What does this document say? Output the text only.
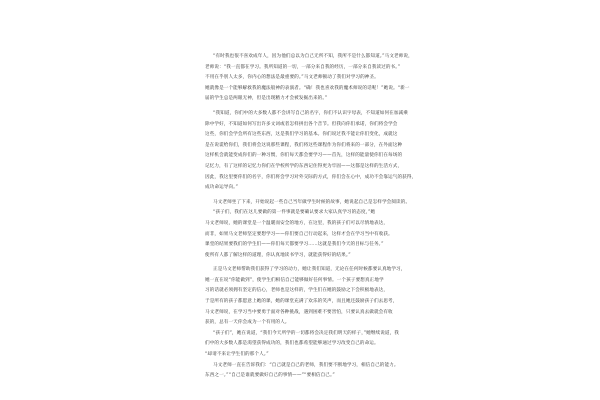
“有时我也很不喜欢成年人，因为他们总以为自己无所不知，我所不是什么都知道。”马文老师说，
老师说：“我一直都在学习。我所知道的一切，一部分来自我的经历，一部分来自我读过的书。”
不用在乎别人太多，你内心的想法是最重要的。”马文老师顿动了我们对学习的神圣。
她就像是一个能够解救我的魔法般神的表演者。“确！我也喜欢我的魔术师说的话呢！”她说。“新一
届的学生总是两眼无神，但是出现精力才会被发掘出来的。”
“我知道，你们中的大多数人都不会讲写自己的名字，你们不认识字母表，不知道如何在加减乘
除中学好，不知道如何写出许多文词或者怎样拼出各个音节。但我向你们承诺，你们将会学会
这些，你们会学会所有这些东西，这是我们学习的基本。你们说过我不能让你们变化，成就这
是在说谎给你们，我们将会这说那些课程，我们将这些课程作为你们将来的一部分，在外面这种
这样机会就能变成你们的一种习惯，你们每天都会要学习——首先，这样的能量使你们在每场的
记忆力，有了这样的记忆力你们在学校所学的东西记住得更为牢固——这都是这样的生活方式，
因此，我这里要你们的名字，你们将会学习对外交际的方式，你们会在心中，成功不会靠运气的获得，
成功命运导向。”
马文老师坐了下来，开始说起一些自己当年做学生时候的故事，她说起自己是怎样学会阅读的。
“孩子们，我们在这儿要做的第一件事就是要确认要求大家认真学习的态度，”她
马文老师说，她的课堂是一个温暖而安全的地方，在这里，我的孩子们可以尽情地表达，
而非，如果马文老师坚定要想学习——你们要自己行动起来，这样才会在学习当中有收获。
课堂的结果要我们的学生们——你们每天都要学习……这就是我们今天的目标与任务。”
使所有人都了解这样的道理，你认真地读书学习，就能获得好的结果。”
正是马文老师帮助我们获得了学习的动力，她让我们知道，无论在任何时候都要认真地学习，
她一直在说“你能做到”，使学生们相信自己能够做好任何事情。一个孩子要想真正地学
习的话就必须拥有坚定的信心，老师也是这样的，学生们在她的鼓励之下会积极地表达，
于是所有的孩子都愿意上她的课，她的课堂充满了欢乐的笑声，而且她还鼓励孩子们去思考，
马文老师说，在学习当中要勇于面对各种挑战，遇到困难不要害怕，只要认真去做就会有收
获的，总有一天你会成为一个有用的人。
“孩子们”，她在说道，“我们今天所学的一切都将会决定我们明天的样子，”她继续说道，我
们中的大多数人都是渴望获得成功的，我们也都希望能够通过学习改变自己的命运。
“却请不来让学生们的那个人。”
马文老师一直在告诉我们：“自己就是自己的老师，我们要不断地学习，相信自己的能力。
东西之一。”“自己是谁就要做好自己的事情——”“要相信自己。”
